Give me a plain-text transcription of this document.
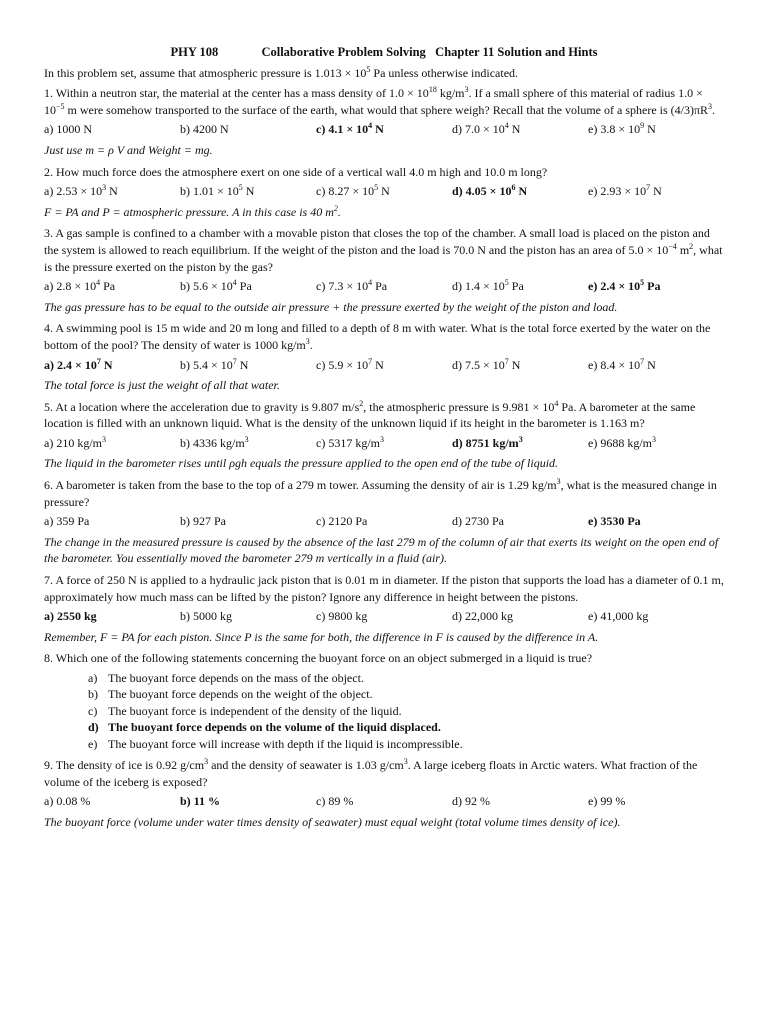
PHY 108	Collaborative Problem Solving   Chapter 11 Solution and Hints
In this problem set, assume that atmospheric pressure is $1.013 \times 10^5$ Pa unless otherwise indicated.
1. Within a neutron star, the material at the center has a mass density of $1.0 \times 10^{18}$ $kg/m^3$. If a small sphere of this material of radius $1.0 \times 10^{-5}$ m were somehow transported to the surface of the earth, what would that sphere weigh? Recall that the volume of a sphere is $(4/3)\pi R^3$.
a) 1000 N	b) 4200 N	c) $4.1 \times 10^4$ N	d) $7.0 \times 10^4$ N	e) $3.8 \times 10^9$ N
Just use m = ρ V and Weight = mg.
2. How much force does the atmosphere exert on one side of a vertical wall 4.0 m high and 10.0 m long?
a) $2.53 \times 10^3$ N	b) $1.01 \times 10^5$ N	c) $8.27 \times 10^5$ N	d) $4.05 \times 10^6$ N	e) $2.93 \times 10^7$ N
F = PA and P = atmospheric pressure. A in this case is 40 $m^2$.
3. A gas sample is confined to a chamber with a movable piston that closes the top of the chamber. A small load is placed on the piston and the system is allowed to reach equilibrium. If the weight of the piston and the load is 70.0 N and the piston has an area of $5.0 \times 10^{-4}$ $m^2$, what is the pressure exerted on the piston by the gas?
a) $2.8 \times 10^4$ Pa	b) $5.6 \times 10^4$ Pa	c) $7.3 \times 10^4$ Pa	d) $1.4 \times 10^5$ Pa	e) $2.4 \times 10^5$ Pa
The gas pressure has to be equal to the outside air pressure + the pressure exerted by the weight of the piston and load.
4. A swimming pool is 15 m wide and 20 m long and filled to a depth of 8 m with water. What is the total force exerted by the water on the bottom of the pool? The density of water is 1000 $kg/m^3$.
a) $2.4 \times 10^7$ N	b) $5.4 \times 10^7$ N	c) $5.9 \times 10^7$ N	d) $7.5 \times 10^7$ N	e) $8.4 \times 10^7$ N
The total force is just the weight of all that water.
5. At a location where the acceleration due to gravity is 9.807 $m/s^2$, the atmospheric pressure is $9.981 \times 10^4$ Pa. A barometer at the same location is filled with an unknown liquid. What is the density of the unknown liquid if its height in the barometer is 1.163 m?
a) 210 $kg/m^3$	b) 4336 $kg/m^3$	c) 5317 $kg/m^3$	d) 8751 $kg/m^3$	e) 9688 $kg/m^3$
The liquid in the barometer rises until ρgh equals the pressure applied to the open end of the tube of liquid.
6. A barometer is taken from the base to the top of a 279 m tower. Assuming the density of air is 1.29 $kg/m^3$, what is the measured change in pressure?
a) 359 Pa	b) 927 Pa	c) 2120 Pa	d) 2730 Pa	e) 3530 Pa
The change in the measured pressure is caused by the absence of the last 279 m of the column of air that exerts its weight on the open end of the barometer. You essentially moved the barometer 279 m vertically in a fluid (air).
7. A force of 250 N is applied to a hydraulic jack piston that is 0.01 m in diameter. If the piston that supports the load has a diameter of 0.1 m, approximately how much mass can be lifted by the piston? Ignore any difference in height between the pistons.
a) 2550 kg	b) 5000 kg	c) 9800 kg	d) 22,000 kg	e) 41,000 kg
Remember, F = PA for each piston. Since P is the same for both, the difference in F is caused by the difference in A.
8. Which one of the following statements concerning the buoyant force on an object submerged in a liquid is true?
a) The buoyant force depends on the mass of the object.
b) The buoyant force depends on the weight of the object.
c) The buoyant force is independent of the density of the liquid.
d) The buoyant force depends on the volume of the liquid displaced.
e) The buoyant force will increase with depth if the liquid is incompressible.
9. The density of ice is 0.92 $g/cm^3$ and the density of seawater is 1.03 $g/cm^3$. A large iceberg floats in Arctic waters. What fraction of the volume of the iceberg is exposed?
a) 0.08 %	b) 11 %	c) 89 %	d) 92 %	e) 99 %
The buoyant force (volume under water times density of seawater) must equal weight (total volume times density of ice).
